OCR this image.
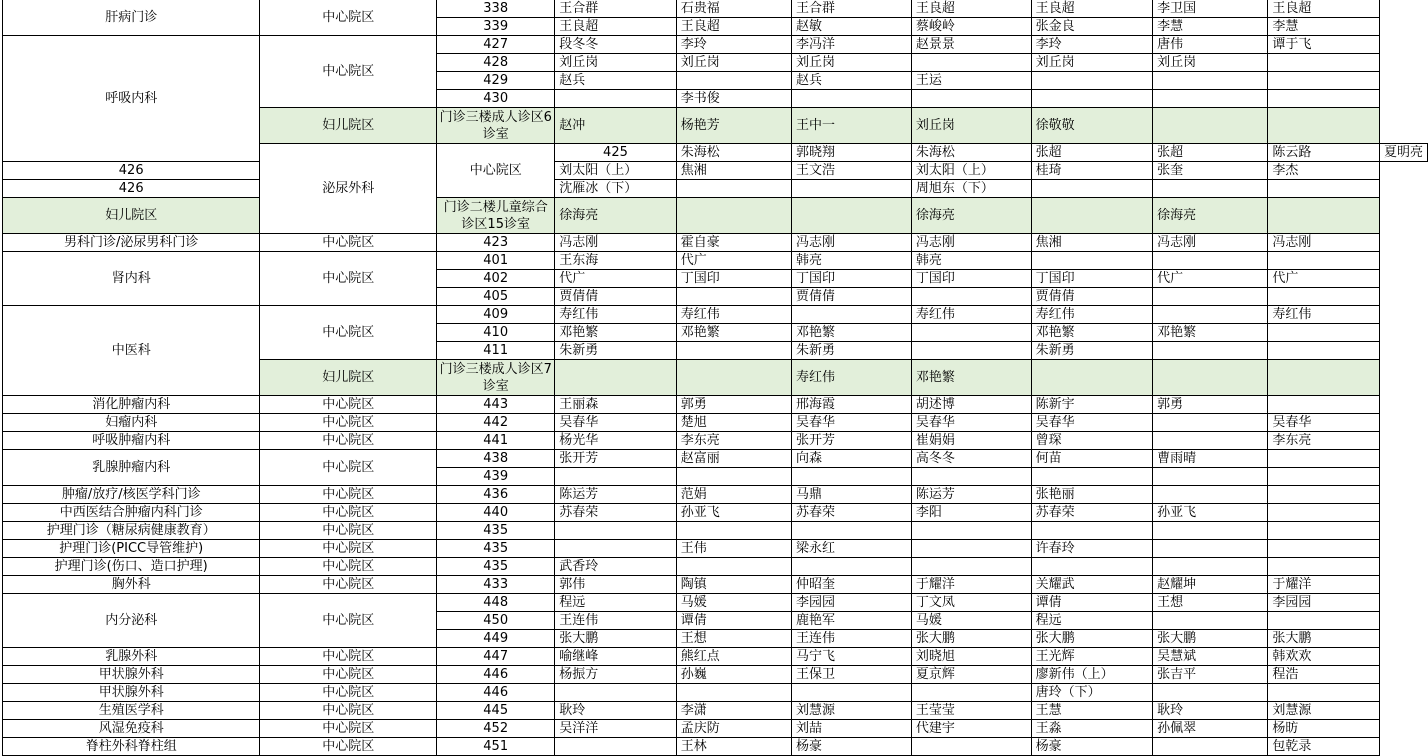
肝病门诊	中心院区	338	王合群	石贵福	王合群	王良超	王良超	李卫国	王良超	
		339	王良超	王良超	赵敏	蔡峻岭	张金良	李慧	李慧	
呼吸内科	中心院区	427	段冬冬	李玲	李冯洋	赵景景	李玲	唐伟	谭于飞	
		428	刘丘岗	刘丘岗	刘丘岗		刘丘岗	刘丘岗		
		429	赵兵		赵兵	王运				
		430		李书俊						
	妇儿院区	门诊三楼成人诊区6诊室	赵冲	杨艳芳	王中一	刘丘岗	徐敬敬			
	泌尿外科	中心院区	425	朱海松	郭晓翔	朱海松	张超	张超	陈云路	夏明亮
426			刘太阳（上）	焦湘	王文浩	刘太阳（上）	桂琦	张奎	李杰	
426			沈雁冰（下）			周旭东（下）				
妇儿院区		门诊二楼儿童综合诊区15诊室	徐海亮			徐海亮		徐海亮		
男科门诊/泌尿男科门诊	中心院区	423	冯志刚	霍自豪	冯志刚	冯志刚	焦湘	冯志刚	冯志刚	
肾内科	中心院区	401	王东海	代广	韩亮	韩亮				
		402	代广	丁国印	丁国印	丁国印	丁国印	代广	代广	
		405	贾倩倩		贾倩倩		贾倩倩			
中医科	中心院区	409	寿红伟	寿红伟		寿红伟	寿红伟		寿红伟	
		410	邓艳繁	邓艳繁	邓艳繁		邓艳繁	邓艳繁		
		411	朱新勇		朱新勇		朱新勇			
	妇儿院区	门诊三楼成人诊区7诊室			寿红伟	邓艳繁				
消化肿瘤内科	中心院区	443	王丽森	郭勇	邢海霞	胡述博	陈新宇	郭勇		
妇瘤内科	中心院区	442	吴春华	楚旭	吴春华	吴春华	吴春华		吴春华	
呼吸肿瘤内科	中心院区	441	杨光华	李东亮	张开芳	崔娟娟	曾琛		李东亮	
乳腺肿瘤内科	中心院区	438	张开芳	赵富丽	向森	高冬冬	何苗	曹雨晴		
		439								
肿瘤/放疗/核医学科门诊	中心院区	436	陈运芳	范娟	马鼎	陈运芳	张艳丽			
中西医结合肿瘤内科门诊	中心院区	440	苏春荣	孙亚飞	苏春荣	李阳	苏春荣	孙亚飞		
护理门诊（糖尿病健康教育）	中心院区	435								
护理门诊(PICC导管维护)	中心院区	435		王伟	梁永红		许春玲			
护理门诊(伤口、造口护理)	中心院区	435	武香玲							
胸外科	中心院区	433	郭伟	陶镇	仲昭奎	于耀洋	关耀武	赵耀坤	于耀洋	
内分泌科	中心院区	448	程远	马媛	李园园	丁文凤	谭倩	王想	李园园	
		450	王连伟	谭倩	鹿艳军	马媛	程远			
		449	张大鹏	王想	王连伟	张大鹏	张大鹏	张大鹏	张大鹏	
乳腺外科	中心院区	447	喻继峰	熊红点	马宁飞	刘晓旭	王光辉	吴慧斌	韩欢欢	
甲状腺外科	中心院区	446	杨振方	孙巍	王保卫	夏京辉	廖新伟（上）	张吉平	程浩	
甲状腺外科	中心院区	446					唐玲（下）			
生殖医学科	中心院区	445	耿玲	李潇	刘慧源	王莹莹	王慧	耿玲	刘慧源	
风湿免疫科	中心院区	452	吴洋洋	孟庆防	刘喆	代建宇	王淼	孙佩翠	杨昉	
脊柱外科脊柱组	中心院区	451		王林	杨豪		杨豪		包乾录	
